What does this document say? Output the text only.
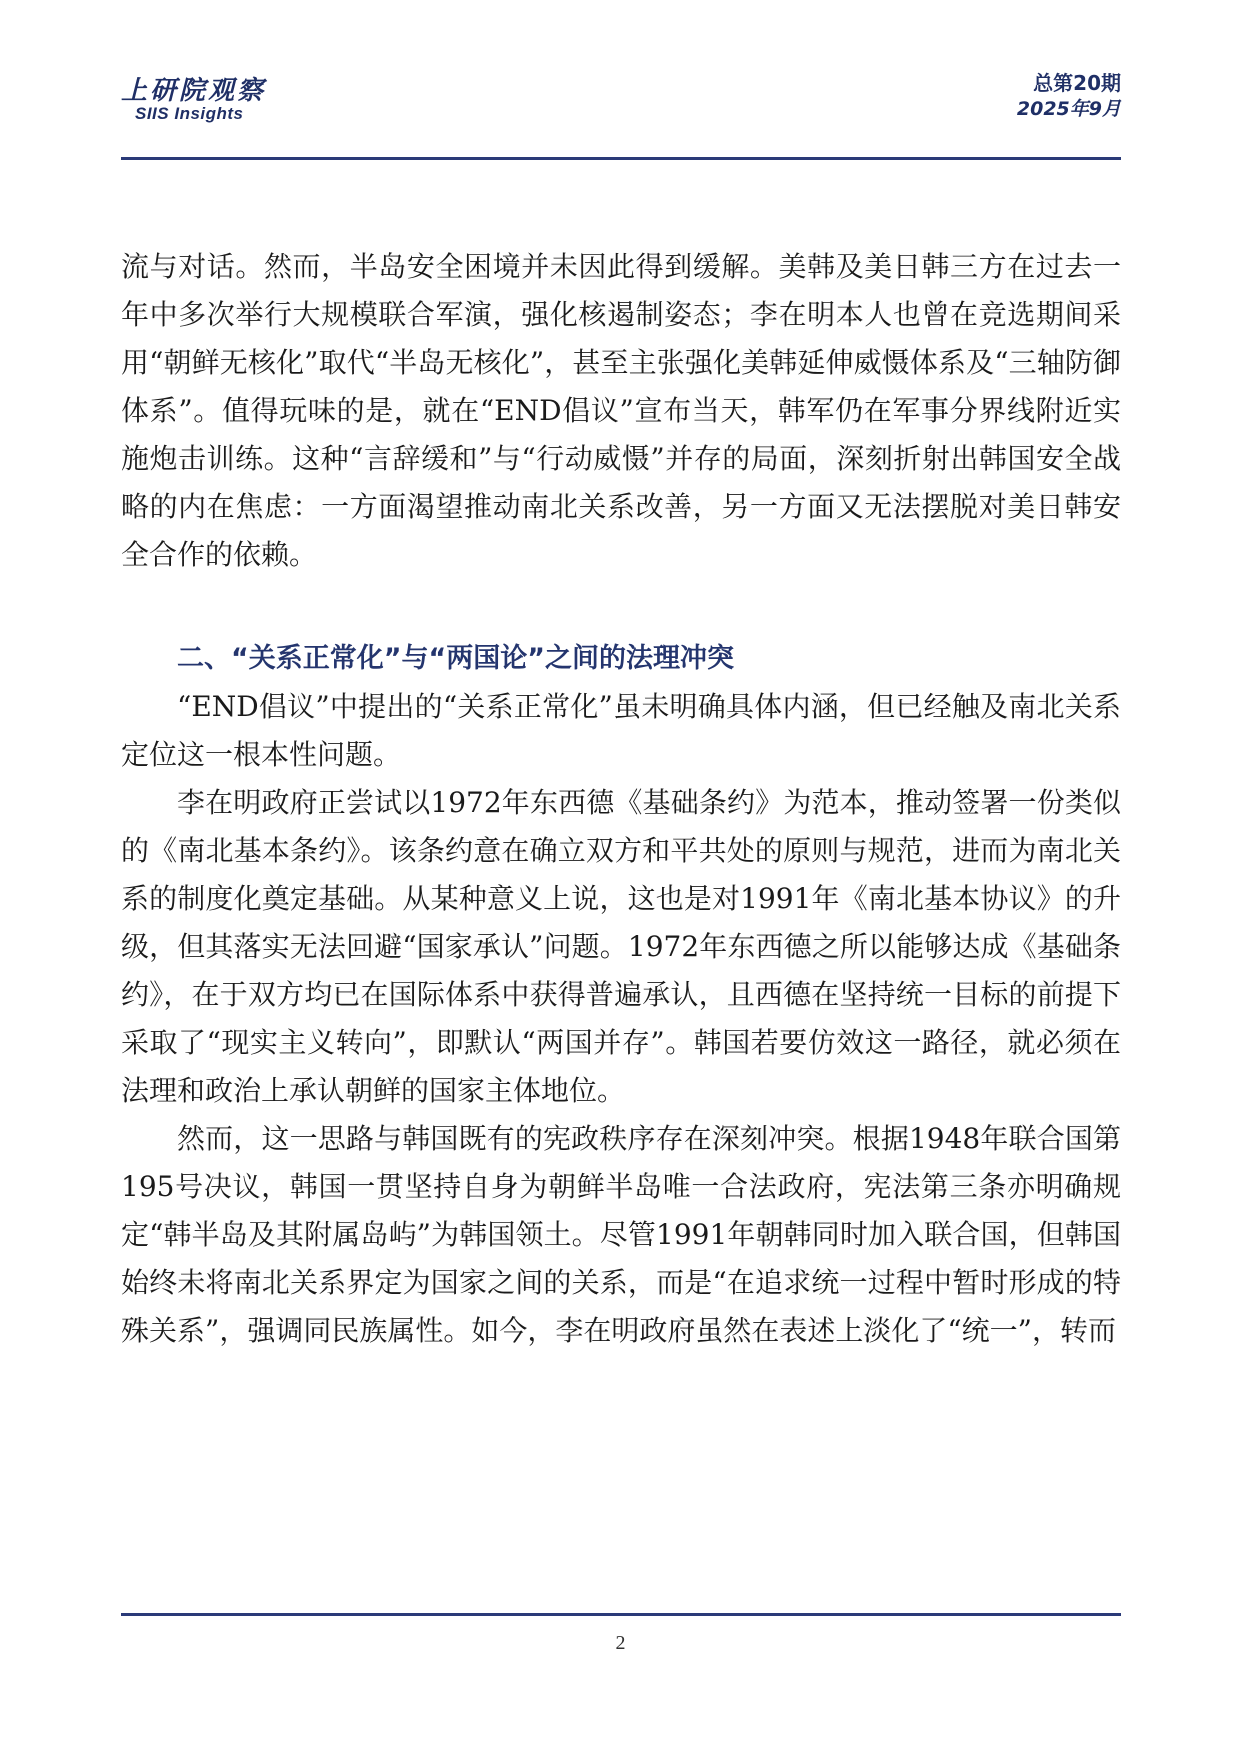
上研院观察
SIIS Insights
总第20期
2025年9月

流与对话。然而，半岛安全困境并未因此得到缓解。美韩及美日韩三方在过去一年中多次举行大规模联合军演，强化核遏制姿态；李在明本人也曾在竞选期间采用“朝鲜无核化”取代“半岛无核化”，甚至主张强化美韩延伸威慑体系及“三轴防御体系”。值得玩味的是，就在“END倡议”宣布当天，韩军仍在军事分界线附近实施炮击训练。这种“言辞缓和”与“行动威慑”并存的局面，深刻折射出韩国安全战略的内在焦虑：一方面渴望推动南北关系改善，另一方面又无法摆脱对美日韩安全合作的依赖。

二、“关系正常化”与“两国论”之间的法理冲突

“END倡议”中提出的“关系正常化”虽未明确具体内涵，但已经触及南北关系定位这一根本性问题。

李在明政府正尝试以1972年东西德《基础条约》为范本，推动签署一份类似的《南北基本条约》。该条约意在确立双方和平共处的原则与规范，进而为南北关系的制度化奠定基础。从某种意义上说，这也是对1991年《南北基本协议》的升级，但其落实无法回避“国家承认”问题。1972年东西德之所以能够达成《基础条约》，在于双方均已在国际体系中获得普遍承认，且西德在坚持统一目标的前提下采取了“现实主义转向”，即默认“两国并存”。韩国若要仿效这一路径，就必须在法理和政治上承认朝鲜的国家主体地位。

然而，这一思路与韩国既有的宪政秩序存在深刻冲突。根据1948年联合国第195号决议，韩国一贯坚持自身为朝鲜半岛唯一合法政府，宪法第三条亦明确规定“韩半岛及其附属岛屿”为韩国领土。尽管1991年朝韩同时加入联合国，但韩国始终未将南北关系界定为国家之间的关系，而是“在追求统一过程中暂时形成的特殊关系”，强调同民族属性。如今，李在明政府虽然在表述上淡化了“统一”，转而

2
